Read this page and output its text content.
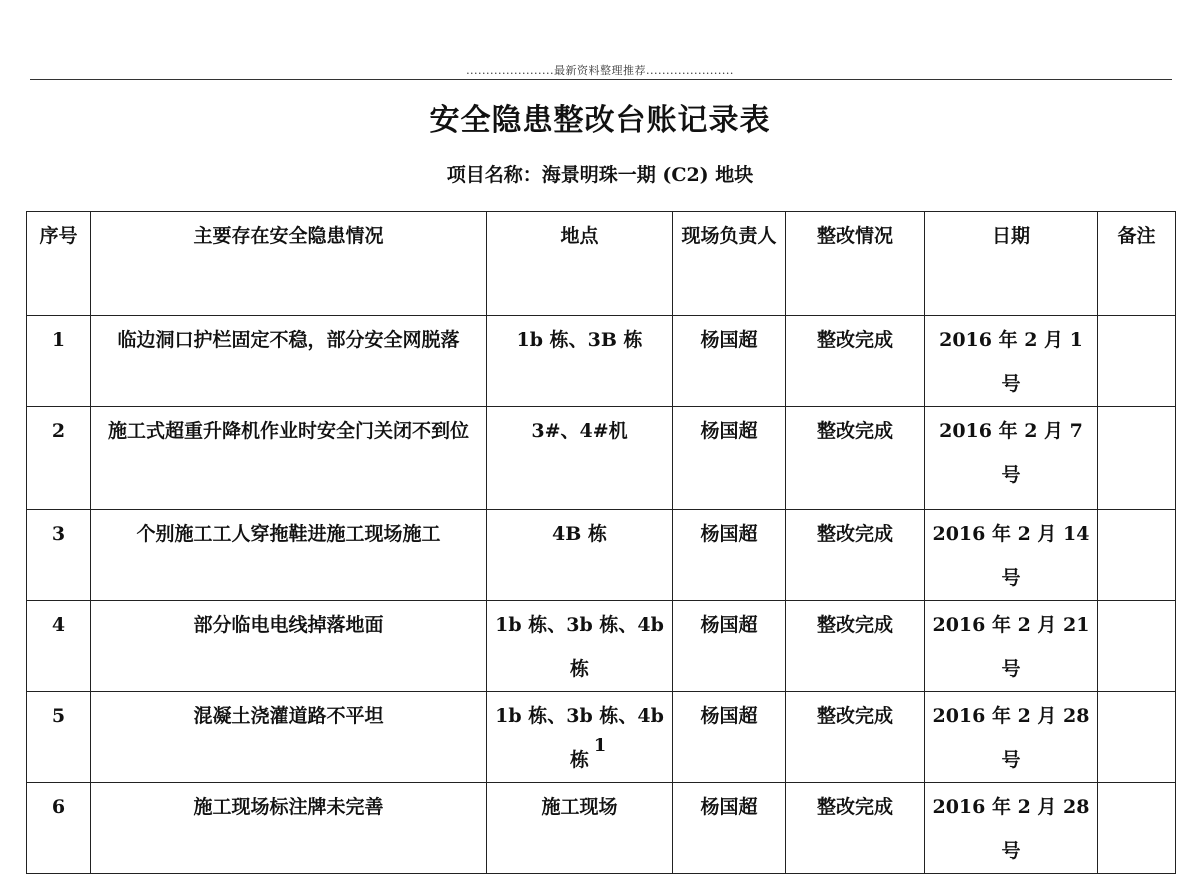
......................最新资料整理推荐......................
安全隐患整改台账记录表
项目名称：海景明珠一期 (C2) 地块
序号	主要存在安全隐患情况	地点	现场负责人	整改情况	日期	备注
1	临边洞口护栏固定不稳，部分安全网脱落	1b 栋、3B 栋	杨国超	整改完成	2016 年 2 月 1 号	
2	施工式超重升降机作业时安全门关闭不到位	3#、4#机	杨国超	整改完成	2016 年 2 月 7 号	
3	个别施工工人穿拖鞋进施工现场施工	4B 栋	杨国超	整改完成	2016 年 2 月 14 号	
4	部分临电电线掉落地面	1b 栋、3b 栋、4b 栋	杨国超	整改完成	2016 年 2 月 21 号	
5	混凝土浇灌道路不平坦	1b 栋、3b 栋、4b 栋	杨国超	整改完成	2016 年 2 月 28 号	
6	施工现场标注牌未完善	施工现场	杨国超	整改完成	2016 年 2 月 28 号	
1
